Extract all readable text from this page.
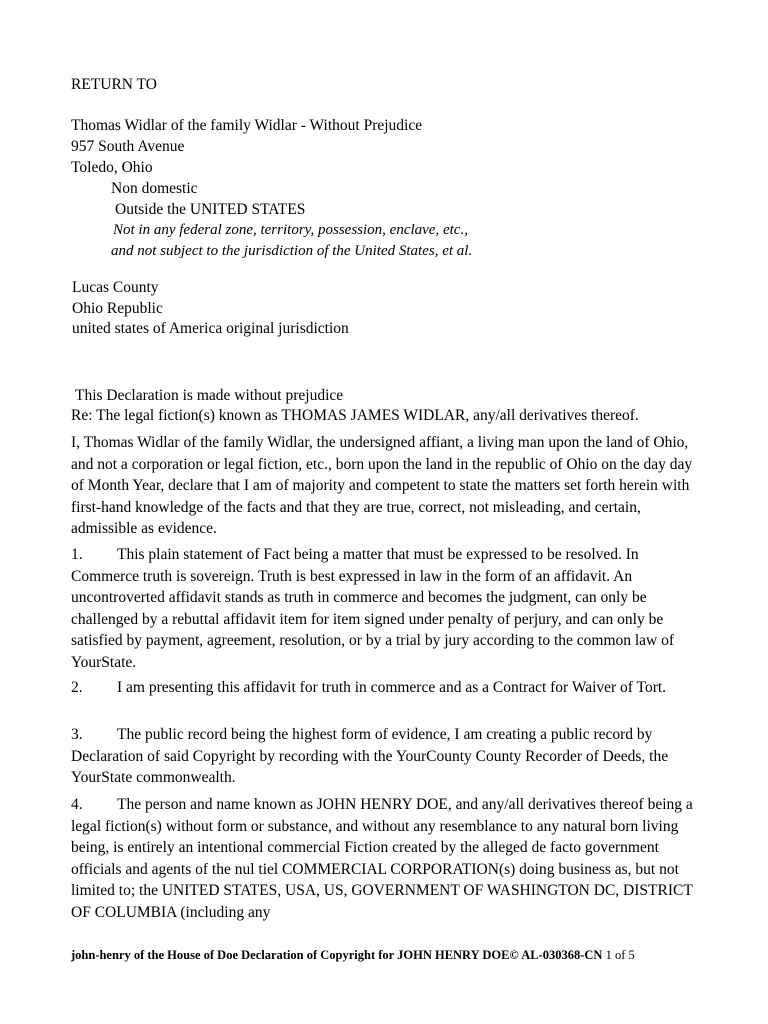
RETURN TO
Thomas Widlar of the family Widlar - Without Prejudice
957 South Avenue
Toledo, Ohio
Non domestic
Outside the UNITED STATES
Not in any federal zone, territory, possession, enclave, etc.,
and not subject to the jurisdiction of the United States, et al.
Lucas County
Ohio Republic
united states of America original jurisdiction
This Declaration is made without prejudice
Re: The legal fiction(s) known as THOMAS JAMES WIDLAR, any/all derivatives thereof.
I, Thomas Widlar of the family Widlar, the undersigned affiant, a living man upon the land of Ohio, and not a corporation or legal fiction, etc., born upon the land in the republic of Ohio on the day day of Month Year, declare that I am of majority and competent to state the matters set forth herein with first-hand knowledge of the facts and that they are true, correct, not misleading, and certain, admissible as evidence.
1. This plain statement of Fact being a matter that must be expressed to be resolved. In Commerce truth is sovereign. Truth is best expressed in law in the form of an affidavit. An uncontroverted affidavit stands as truth in commerce and becomes the judgment, can only be challenged by a rebuttal affidavit item for item signed under penalty of perjury, and can only be satisfied by payment, agreement, resolution, or by a trial by jury according to the common law of YourState.
2. I am presenting this affidavit for truth in commerce and as a Contract for Waiver of Tort.
3. The public record being the highest form of evidence, I am creating a public record by Declaration of said Copyright by recording with the YourCounty County Recorder of Deeds, the YourState commonwealth.
4. The person and name known as JOHN HENRY DOE, and any/all derivatives thereof being a legal fiction(s) without form or substance, and without any resemblance to any natural born living being, is entirely an intentional commercial Fiction created by the alleged de facto government officials and agents of the nul tiel COMMERCIAL CORPORATION(s) doing business as, but not limited to; the UNITED STATES, USA, US, GOVERNMENT OF WASHINGTON DC, DISTRICT OF COLUMBIA (including any
john-henry of the House of Doe Declaration of Copyright for JOHN HENRY DOE© AL-030368-CN 1 of 5
